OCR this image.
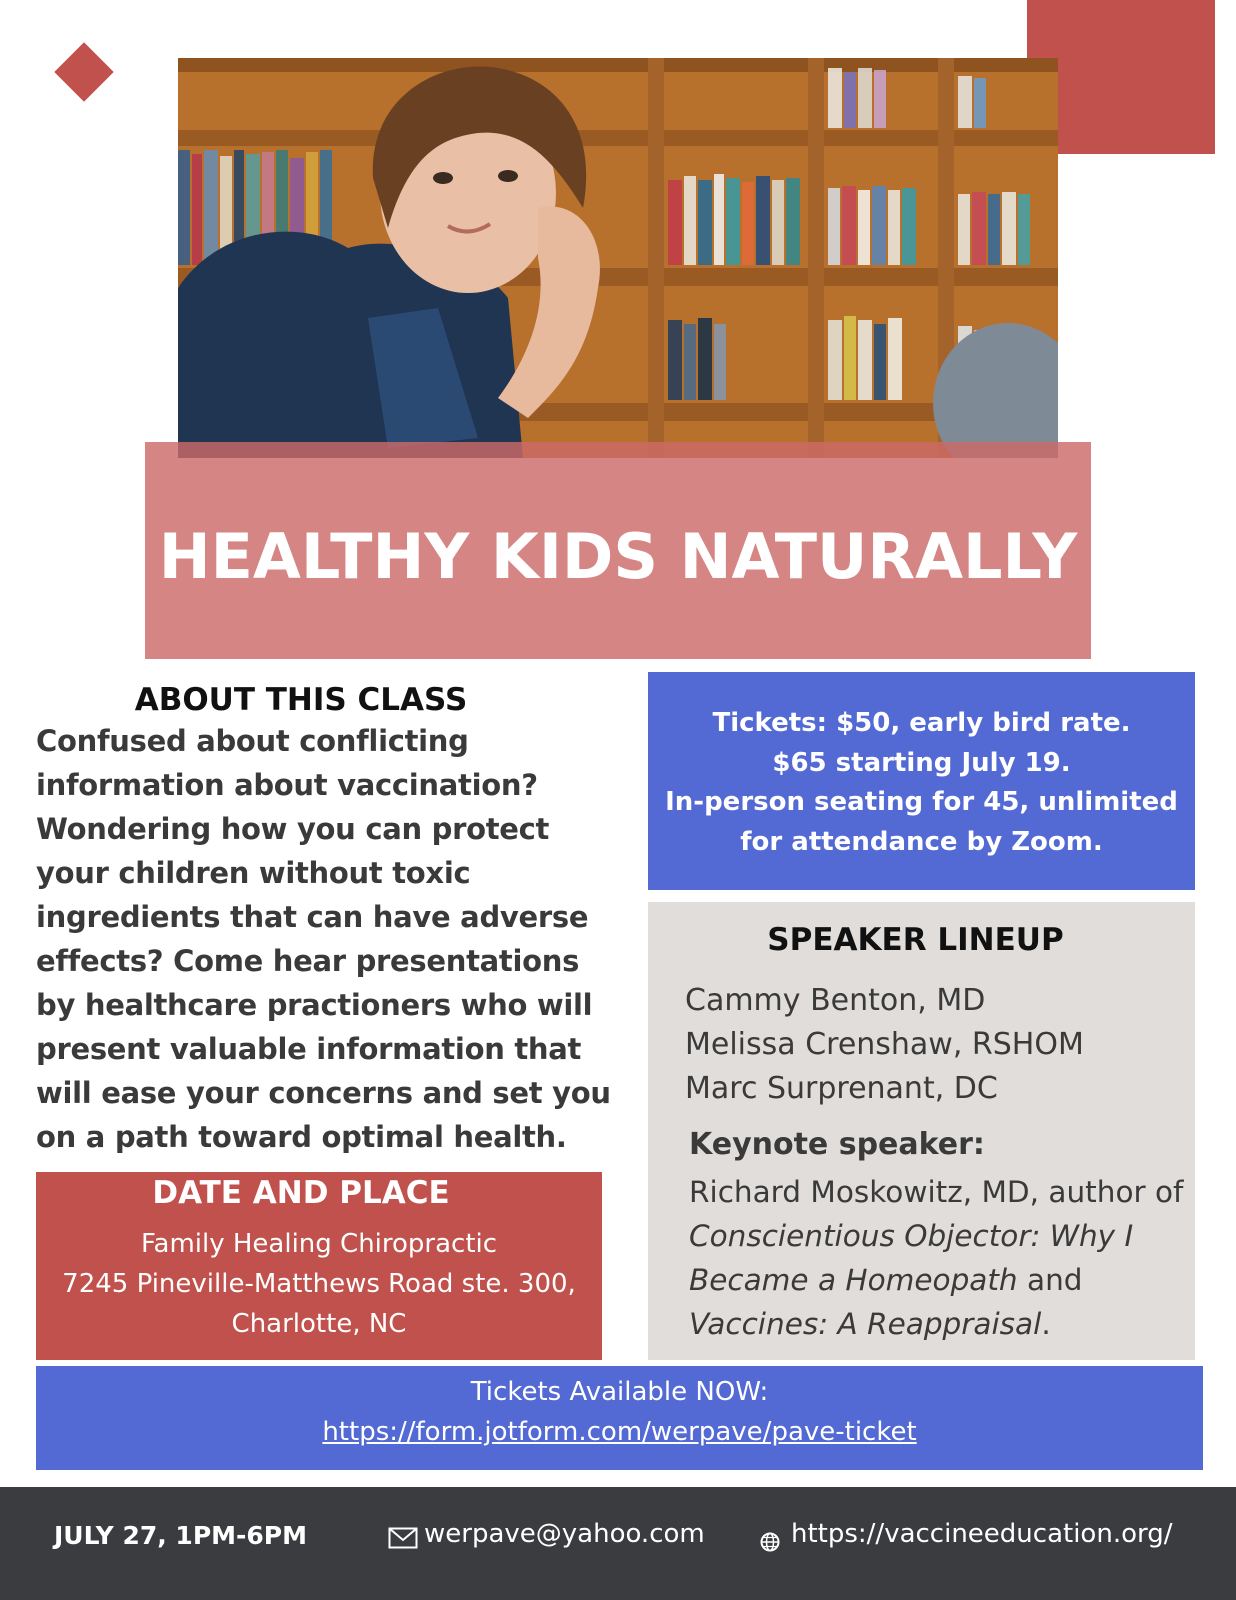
HEALTHY KIDS NATURALLY
ABOUT THIS CLASS
Confused about conflicting
information about vaccination?
Wondering how you can protect
your children without toxic
ingredients that can have adverse
effects? Come hear presentations
by healthcare practioners who will
present valuable information that
will ease your concerns and set you
on a path toward optimal health.
Tickets: $50, early bird rate.
$65 starting July 19.
In-person seating for 45, unlimited
for attendance by Zoom.
SPEAKER LINEUP
Cammy Benton, MD
Melissa Crenshaw, RSHOM
Marc Surprenant, DC
Keynote speaker:
Richard Moskowitz, MD, author of Conscientious Objector: Why I Became a Homeopath and Vaccines: A Reappraisal.
DATE AND PLACE
Family Healing Chiropractic
7245 Pineville-Matthews Road ste. 300,
Charlotte, NC
Tickets Available NOW:
https://form.jotform.com/werpave/pave-ticket
JULY 27, 1PM-6PM	werpave@yahoo.com	https://vaccineeducation.org/
